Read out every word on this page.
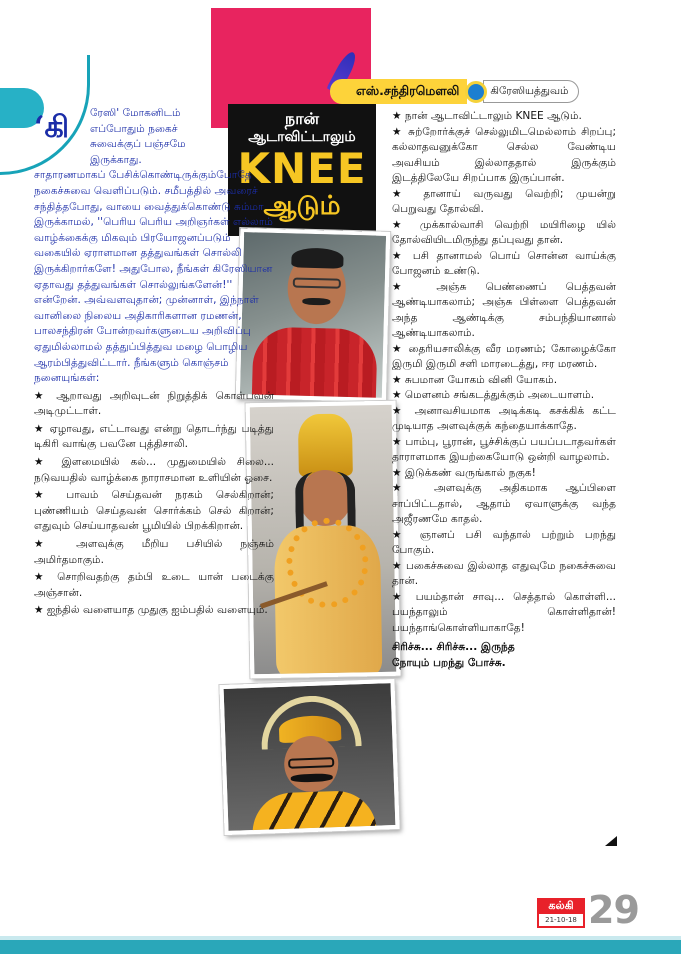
எஸ்.சந்திரமௌலி	கிரேஸியத்துவம்
நான்
ஆடாவிட்டாலும்
KNEE
ஆடும்
‘கி	ரேஸி' மோகனிடம்

எப்போதும் நகைச்

சுவைக்குப் பஞ்சமே

இருக்காது.

சாதாரணமாகப் பேசிக்கொண்டிருக்கும்போதே நகைச்சுவை வெளிப்படும். சமீபத்தில் அவரைச் சந்தித்தபோது, வாயை வைத்துக்கொண்டு சும்மா இருக்காமல், ''பெரிய பெரிய அறிஞர்கள் எல்லாம் வாழ்க்கைக்கு மிகவும் பிரயோஜனப்படும் வகையில் ஏராளமான தத்துவங்கள் சொல்லி இருக்கிறார்களே! அதுபோல, நீங்கள் கிரேஸியான ஏதாவது தத்துவங்கள் சொல்லுங்களேன்!'' என்றேன். அவ்வளவுதான்; முன்னாள், இந்நாள் வானிலை நிலைய அதிகாரிகளான ரமணன், பாலசந்திரன் போன்றவர்களுடைய அறிவிப்பு ஏதுமில்லாமல் தத்துப்பித்துவ மழை பொழிய ஆரம்பித்துவிட்டார். நீங்களும் கொஞ்சம் நனையுங்கள்:

★ ஆறாவது அறிவுடன் நிறுத்திக் கொள்பவன் அடிமுட்டாள்.

★ ஏழாவது, எட்டாவது என்று தொடர்ந்து படித்து டிகிரி வாங்கு பவனே புத்திசாலி.

★ இளமையில் கல்... முதுமையில் சிலை... நடுவயதில் வாழ்க்கை நாராசமான உளியின் ஓசை.

★ பாவம் செய்தவன் நரகம் செல்கிறான்; புண்ணியம் செய்தவன் சொர்க்கம் செல் கிறான்; எதுவும் செய்யாதவன் பூமியில் பிறக்கிறான்.

★ அளவுக்கு மீறிய பசியில் நஞ்சும் அமிர்தமாகும்.

★ சொறிவதற்கு தம்பி உடை யான் படைக்கு அஞ்சான்.

★ ஐந்தில் வளையாத முதுகு ஐம்பதில் வளையும்.

★ நான் ஆடாவிட்டாலும் KNEE ஆடும்.

★ சுற்றோர்க்குச் செல்லுமிடமெல்லாம் சிறப்பு; கல்லாதவனுக்கோ செல்ல வேண்டிய அவசியம் இல்லாததால் இருக்கும் இடத்திலேயே சிறப்பாக இருப்பான்.

★ தானாய் வருவது வெற்றி; முயன்று பெறுவது தோல்வி.

★ முக்கால்வாசி வெற்றி மயிரிழை யில் தோல்வியிடமிருந்து தப்புவது தான்.

★ பசி தானாமல் பொய் சொன்ன வாய்க்கு போஜனம் உண்டு.

★ அஞ்சு பெண்ணைப் பெத்தவன் ஆண்டியாகலாம்; அஞ்சு பிள்ளை பெத்தவன் அந்த ஆண்டிக்கு சம்பந்தியானால் ஆண்டியாகலாம்.

★ தைரியசாலிக்கு வீர மரணம்; கோழைக்கோ இருமி இருமி சளி மாரடைத்து, ஈர மரணம்.

★ சுபமான யோகம் வினி யோகம்.

★ மௌனம் சங்கடத்துக்கும் அடையாளம்.

★ அனாவசியமாக அடிக்கடி கசக்கிக் கட்ட முடியாத அளவுக்குக் கந்தையாக்காதே.

★ பாம்பு, பூரான், பூச்சிக்குப் பயப்படாதவர்கள் தாராளமாக இயற்கையோடு ஒன்றி வாழலாம்.

★ இடுக்கண் வருங்கால் நகுக!

★ அளவுக்கு அதிகமாக ஆப்பிளை சாப்பிட்டதால், ஆதாம் ஏவாளுக்கு வந்த அஜீரணமே காதல்.

★ ஞானப் பசி வந்தால் பற்றும் பறந்து போகும்.

★ பகைச்சுவை இல்லாத எதுவுமே நகைச்சுவை தான்.

★ பயம்தான் சாவு... செத்தால் கொள்ளி... பயந்தாலும் கொள்ளிதான்! பயந்தாங்கொள்ளியாகாதே!

சிரிச்சு... சிரிச்சு... இருந்த

நோயும் பறந்து போச்சு.

கல்கி
21-10-18 29
